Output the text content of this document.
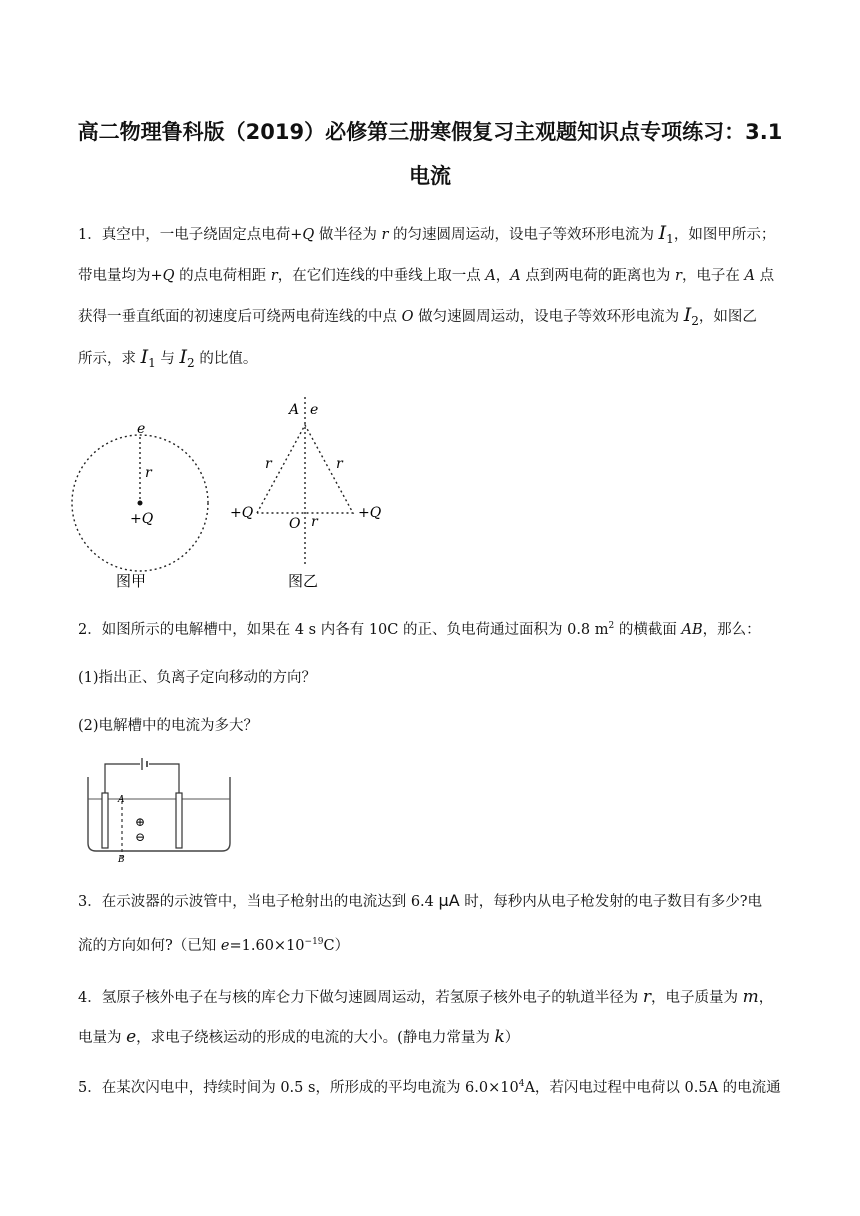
高二物理鲁科版（2019）必修第三册寒假复习主观题知识点专项练习：3.1
电流
1．真空中，一电子绕固定点电荷+Q 做半径为 r 的匀速圆周运动，设电子等效环形电流为 $I_1$，如图甲所示；
带电量均为+Q 的点电荷相距 r，在它们连线的中垂线上取一点 A，A 点到两电荷的距离也为 r，电子在 A 点
获得一垂直纸面的初速度后可绕两电荷连线的中点 O 做匀速圆周运动，设电子等效环形电流为 $I_2$，如图乙
所示，求 $I_1$ 与 $I_2$ 的比值。
e
r
+Q
图甲
A e
r	r
+Q	+Q
O r
图乙
2．如图所示的电解槽中，如果在 4 s 内各有 10C 的正、负电荷通过面积为 0.8 $m^2$ 的横截面 AB，那么：
(1)指出正、负离子定向移动的方向？
(2)电解槽中的电流为多大？
A
B
⊕
⊖
3．在示波器的示波管中，当电子枪射出的电流达到 6.4 μA 时，每秒内从电子枪发射的电子数目有多少?电
流的方向如何?（已知 $e=1.60\times 10^{-19}C$）
4．氢原子核外电子在与核的库仑力下做匀速圆周运动，若氢原子核外电子的轨道半径为 r，电子质量为 m，
电量为 e，求电子绕核运动的形成的电流的大小。(静电力常量为 k）
5．在某次闪电中，持续时间为 0.5 s，所形成的平均电流为 $6.0\times 10^4A$，若闪电过程中电荷以 0.5A 的电流通
